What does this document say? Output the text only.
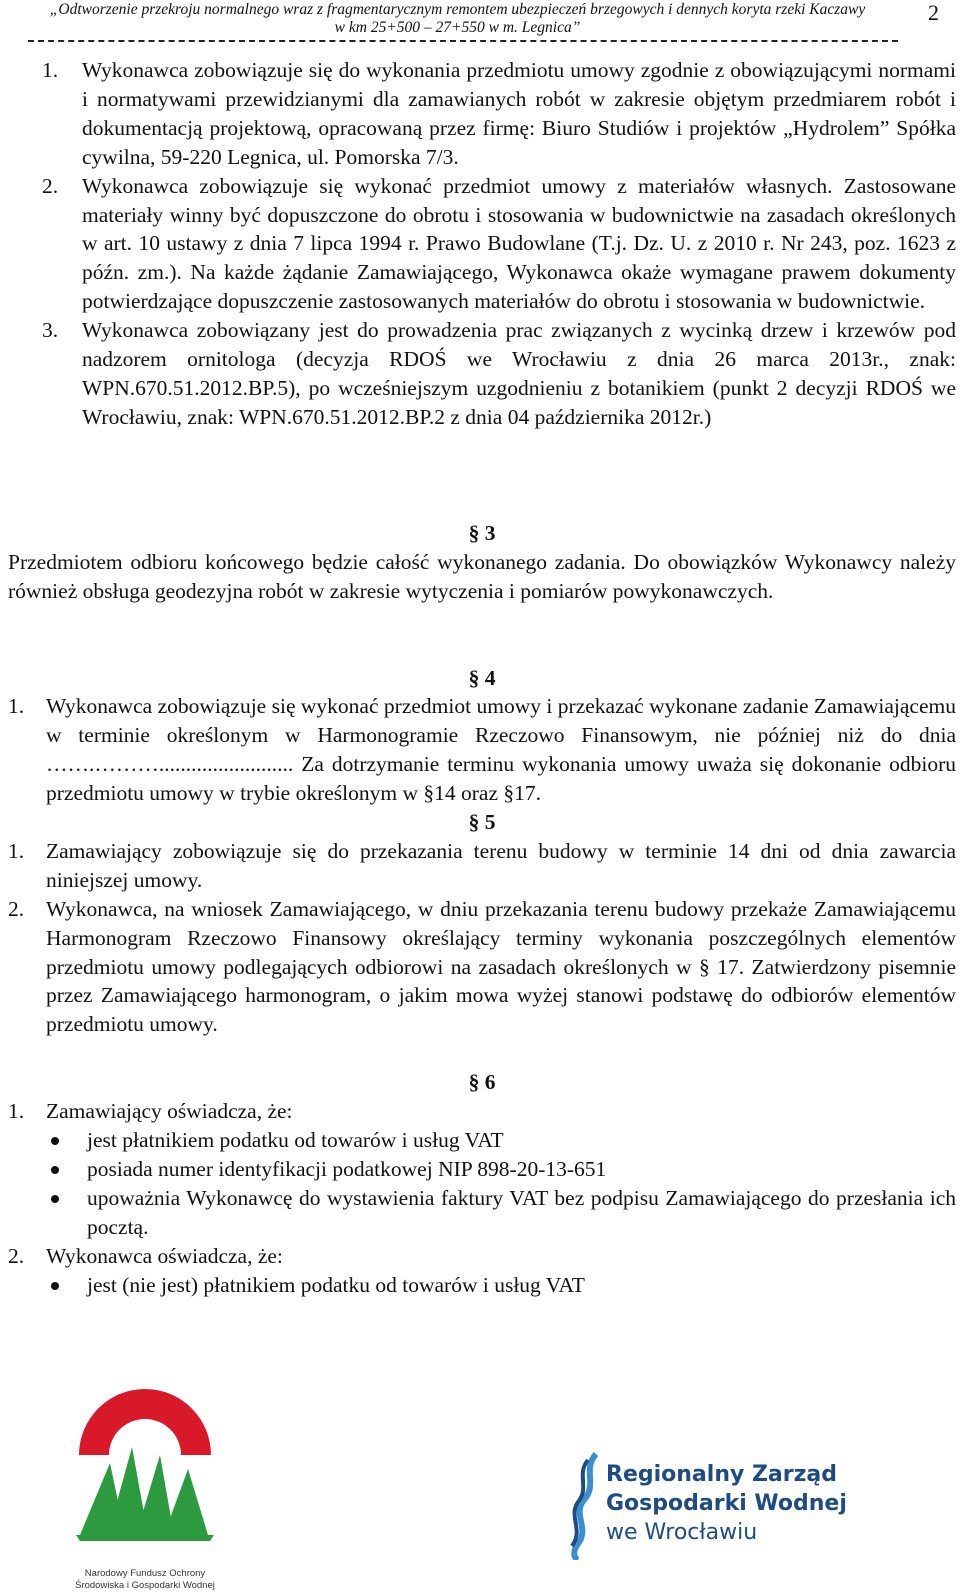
„Odtworzenie przekroju normalnego wraz z fragmentarycznym remontem ubezpieczeń brzegowych i dennych koryta rzeki Kaczawy
w km 25+500 – 27+550 w m. Legnica”
2
1. Wykonawca zobowiązuje się do wykonania przedmiotu umowy zgodnie z obowiązującymi normami i normatywami przewidzianymi dla zamawianych robót w zakresie objętym przedmiarem robót i dokumentacją projektową, opracowaną przez firmę: Biuro Studiów i projektów „Hydrolem” Spółka cywilna, 59-220 Legnica, ul. Pomorska 7/3.

2. Wykonawca zobowiązuje się wykonać przedmiot umowy z materiałów własnych. Zastosowane materiały winny być dopuszczone do obrotu i stosowania w budownictwie na zasadach określonych w art. 10 ustawy z dnia 7 lipca 1994 r. Prawo Budowlane (T.j. Dz. U. z 2010 r. Nr 243, poz. 1623 z późn. zm.). Na każde żądanie Zamawiającego, Wykonawca okaże wymagane prawem dokumenty potwierdzające dopuszczenie zastosowanych materiałów do obrotu i stosowania w budownictwie.

3. Wykonawca zobowiązany jest do prowadzenia prac związanych z wycinką drzew i krzewów pod nadzorem ornitologa (decyzja RDOŚ we Wrocławiu z dnia 26 marca 2013r., znak: WPN.670.51.2012.BP.5), po wcześniejszym uzgodnieniu z botanikiem (punkt 2 decyzji RDOŚ we Wrocławiu, znak: WPN.670.51.2012.BP.2 z dnia 04 października 2012r.)

§ 3

Przedmiotem odbioru końcowego będzie całość wykonanego zadania. Do obowiązków Wykonawcy należy również obsługa geodezyjna robót w zakresie wytyczenia i pomiarów powykonawczych.

§ 4

1. Wykonawca zobowiązuje się wykonać przedmiot umowy i przekazać wykonane zadanie Zamawiającemu w terminie określonym w Harmonogramie Rzeczowo Finansowym, nie później niż do dnia …….………......................... Za dotrzymanie terminu wykonania umowy uważa się dokonanie odbioru przedmiotu umowy w trybie określonym w §14 oraz §17.

§ 5

1. Zamawiający zobowiązuje się do przekazania terenu budowy w terminie 14 dni od dnia zawarcia niniejszej umowy.

2. Wykonawca, na wniosek Zamawiającego, w dniu przekazania terenu budowy przekaże Zamawiającemu Harmonogram Rzeczowo Finansowy określający terminy wykonania poszczególnych elementów przedmiotu umowy podlegających odbiorowi na zasadach określonych w § 17. Zatwierdzony pisemnie przez Zamawiającego harmonogram, o jakim mowa wyżej stanowi podstawę do odbiorów elementów przedmiotu umowy.

§ 6

1. Zamawiający oświadcza, że:

jest płatnikiem podatku od towarów i usług VAT

posiada numer identyfikacji podatkowej NIP 898-20-13-651

upoważnia Wykonawcę do wystawienia faktury VAT bez podpisu Zamawiającego do przesłania ich pocztą.

2. Wykonawca oświadcza, że:

jest (nie jest) płatnikiem podatku od towarów i usług VAT

Narodowy Fundusz Ochrony
Środowiska i Gospodarki Wodnej
Regionalny Zarząd
Gospodarki Wodnej
we Wrocławiu
